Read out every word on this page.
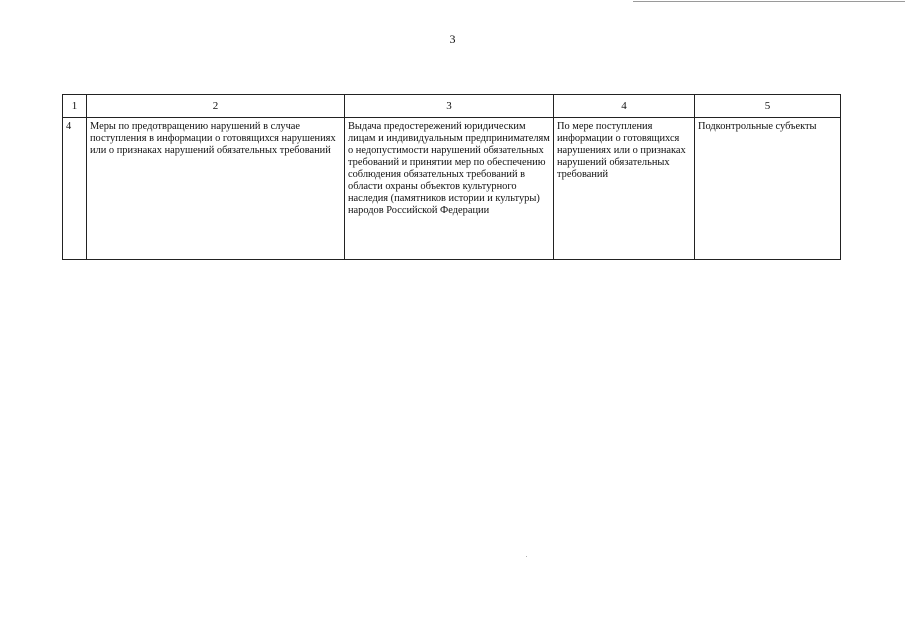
3
1	2	3	4	5
4	Меры по предотвращению нарушений в случае поступления в информации о готовящихся нарушениях или о признаках нарушений обязательных требований	Выдача предостережений юридическим лицам и индивидуальным предпринимателям о недопустимости нарушений обязательных требований и принятии мер по обеспечению соблюдения обязательных требований в области охраны объектов культурного наследия (памятников истории и культуры) народов Российской Федерации	По мере поступления информации о готовящихся нарушениях или о признаках нарушений обязательных требований	Подконтрольные субъекты
